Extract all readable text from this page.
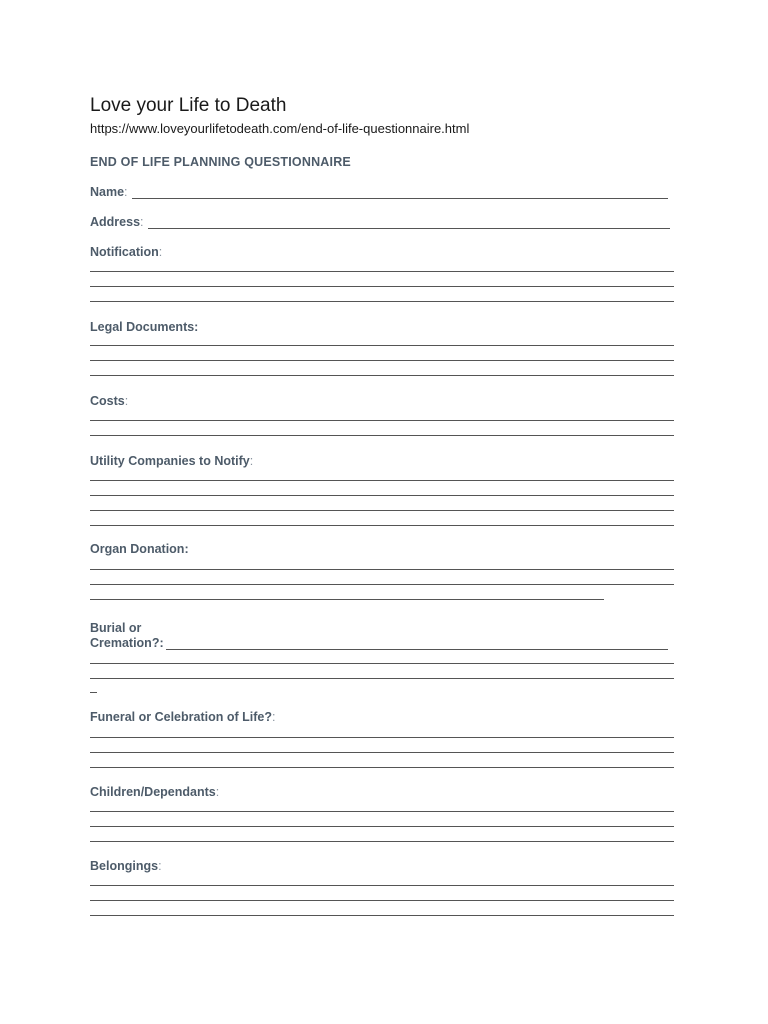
Love your Life to Death
https://www.loveyourlifetodeath.com/end-of-life-questionnaire.html
END OF LIFE PLANNING QUESTIONNAIRE
Name:
Address:
Notification:
Legal Documents:
Costs:
Utility Companies to Notify:
Organ Donation:
Burial or
Cremation?:
Funeral or Celebration of Life?:
Children/Dependants:
Belongings:
